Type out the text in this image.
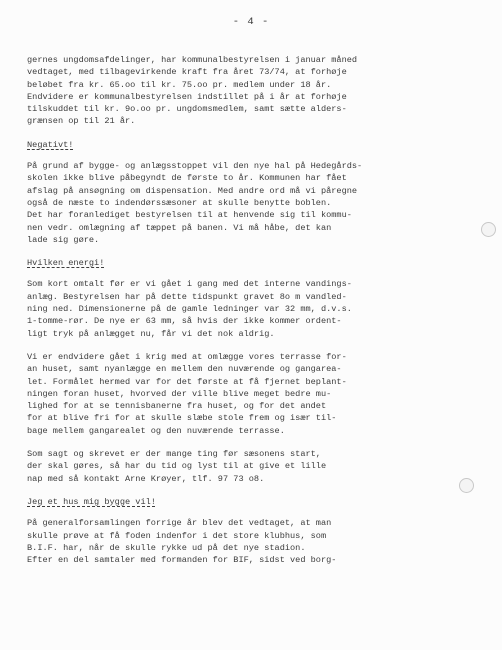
- 4 -
gernes ungdomsafdelinger, har kommunalbestyrelsen i januar måned
vedtaget, med tilbagevirkende kraft fra året 73/74, at forhøje
beløbet fra kr. 65.oo til kr. 75.oo pr. medlem under 18 år.
Endvidere er kommunalbestyrelsen indstillet på i år at forhøje
tilskuddet til kr. 9o.oo pr. ungdomsmedlem, samt sætte alders-
grænsen op til 21 år.
Negativt!
På grund af bygge- og anlægsstoppet vil den nye hal på Hedegårds-
skolen ikke blive påbegyndt de første to år. Kommunen har fået
afslag på ansøgning om dispensation. Med andre ord må vi påregne
også de næste to indendørssæsoner at skulle benytte boblen.
Det har foranlediget bestyrelsen til at henvende sig til kommu-
nen vedr. omlægning af tæppet på banen. Vi må håbe, det kan
lade sig gøre.
Hvilken energi!
Som kort omtalt før er vi gået i gang med det interne vandings-
anlæg. Bestyrelsen har på dette tidspunkt gravet 8o m vandled-
ning ned. Dimensionerne på de gamle ledninger var 32 mm, d.v.s.
1-tomme-rør. De nye er 63 mm, så hvis der ikke kommer ordent-
ligt tryk på anlægget nu, får vi det nok aldrig.
Vi er endvidere gået i krig med at omlægge vores terrasse for-
an huset, samt nyanlægge en mellem den nuværende og gangarea-
let. Formålet hermed var for det første at få fjernet beplant-
ningen foran huset, hvorved der ville blive meget bedre mu-
lighed for at se tennisbanerne fra huset, og for det andet
for at blive fri for at skulle slæbe stole frem og især til-
bage mellem gangarealet og den nuværende terrasse.
Som sagt og skrevet er der mange ting før sæsonens start,
der skal gøres, så har du tid og lyst til at give et lille
nap med så kontakt Arne Krøyer, tlf. 97 73 o8.
Jeg et hus mig bygge vil!
På generalforsamlingen forrige år blev det vedtaget, at man
skulle prøve at få foden indenfor i det store klubhus, som
B.I.F. har, når de skulle rykke ud på det nye stadion.
Efter en del samtaler med formanden for BIF, sidst ved borg-
